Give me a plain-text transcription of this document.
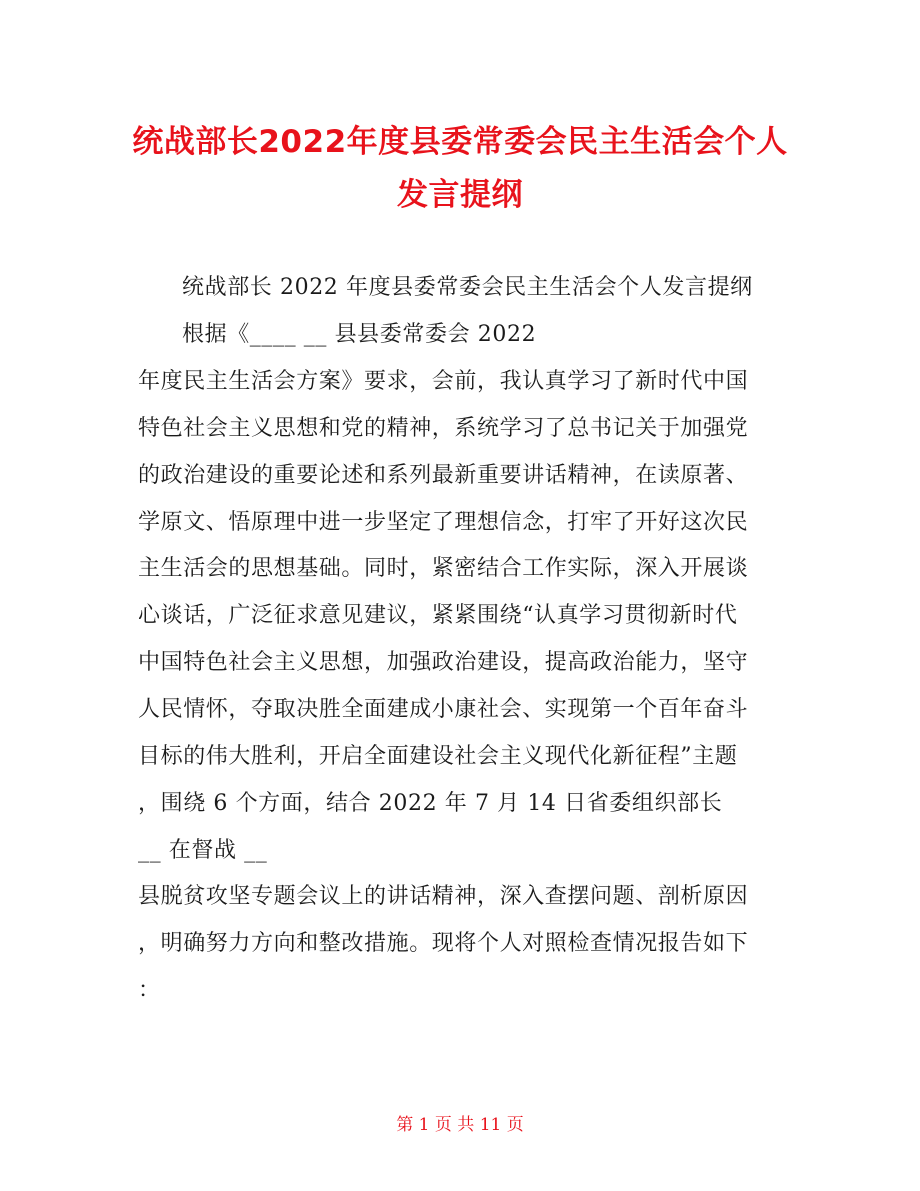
统战部长2022年度县委常委会民主生活会个人
发言提纲
统战部长 2022 年度县委常委会民主生活会个人发言提纲
根据《____ __ 县县委常委会 2022
年度民主生活会方案》要求，会前，我认真学习了新时代中国
特色社会主义思想和党的精神，系统学习了总书记关于加强党
的政治建设的重要论述和系列最新重要讲话精神，在读原著、
学原文、悟原理中进一步坚定了理想信念，打牢了开好这次民
主生活会的思想基础。同时，紧密结合工作实际，深入开展谈
心谈话，广泛征求意见建议，紧紧围绕“认真学习贯彻新时代
中国特色社会主义思想，加强政治建设，提高政治能力，坚守
人民情怀，夺取决胜全面建成小康社会、实现第一个百年奋斗
目标的伟大胜利，开启全面建设社会主义现代化新征程”主题
，围绕 6 个方面，结合 2022 年 7 月 14 日省委组织部长
__ 在督战 __
县脱贫攻坚专题会议上的讲话精神，深入查摆问题、剖析原因
，明确努力方向和整改措施。现将个人对照检查情况报告如下
：
第 1 页 共 11 页
